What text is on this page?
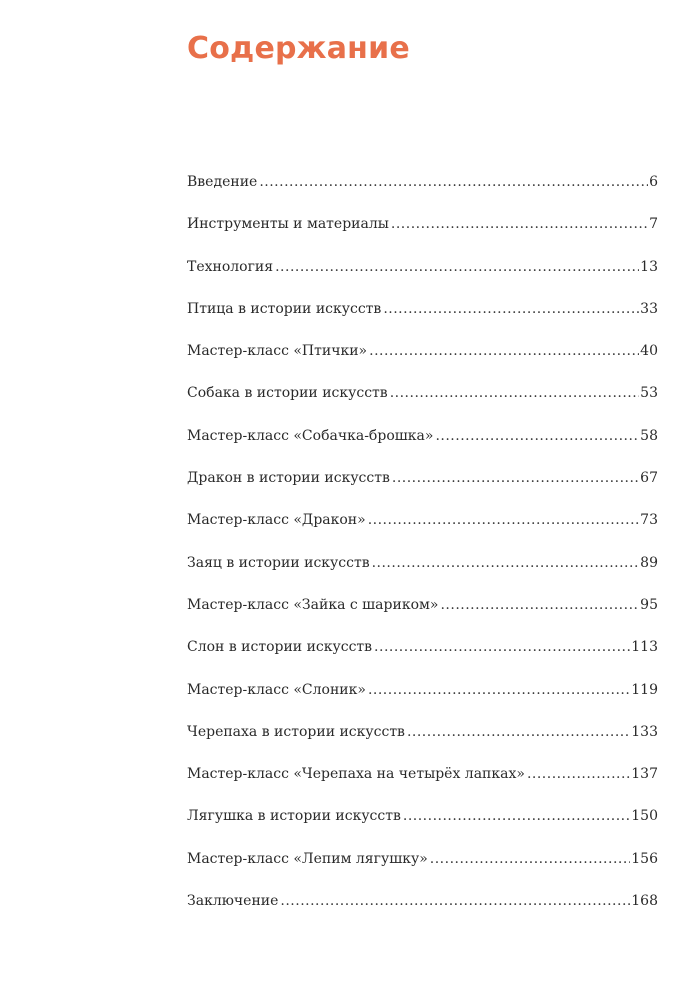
Содержание
Введение .....	6
Инструменты и материалы .....	7
Технология .....	13
Птица в истории искусств .....	33
Мастер-класс «Птички» .....	40
Собака в истории искусств .....	53
Мастер-класс «Собачка-брошка» .....	58
Дракон в истории искусств .....	67
Мастер-класс «Дракон» .....	73
Заяц в истории искусств .....	89
Мастер-класс «Зайка с шариком» .....	95
Слон в истории искусств .....	113
Мастер-класс «Слоник» .....	119
Черепаха в истории искусств .....	133
Мастер-класс «Черепаха на четырёх лапках» .....	137
Лягушка в истории искусств .....	150
Мастер-класс «Лепим лягушку» .....	156
Заключение .....	168
